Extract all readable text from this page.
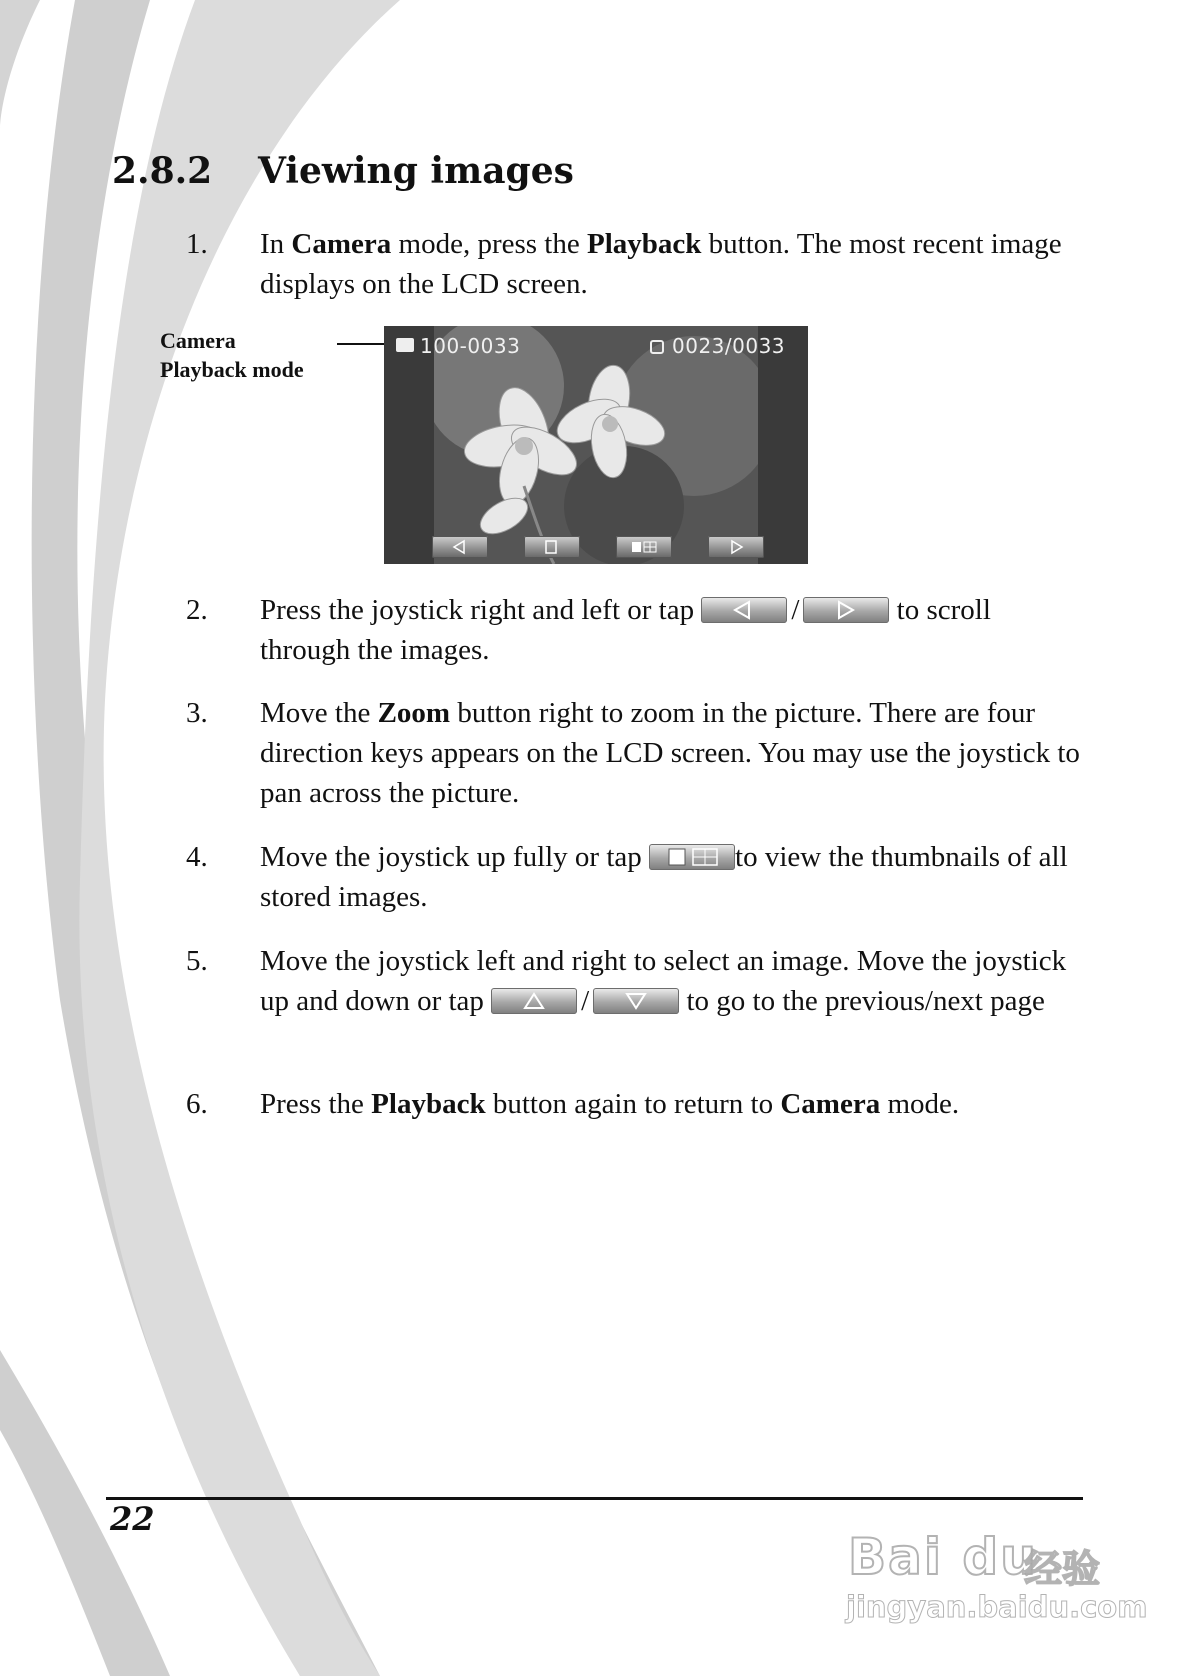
2.8.2 Viewing images
1.	In Camera mode, press the Playback button. The most recent image displays on the LCD screen.
Camera
Playback mode
100-0033	0023/0033
2.	Press the joystick right and left or tap	/	to scroll through the images.
3.	Move the Zoom button right to zoom in the picture. There are four direction keys appears on the LCD screen. You may use the joystick to pan across the picture.
4.	Move the joystick up fully or tap	to view the thumbnails of all stored images.
5.	Move the joystick left and right to select an image. Move the joystick up and down or tap	/	to go to the previous/next page
6.	Press the Playback button again to return to Camera mode.
22
Bai du
经验
jingyan.baidu.com
